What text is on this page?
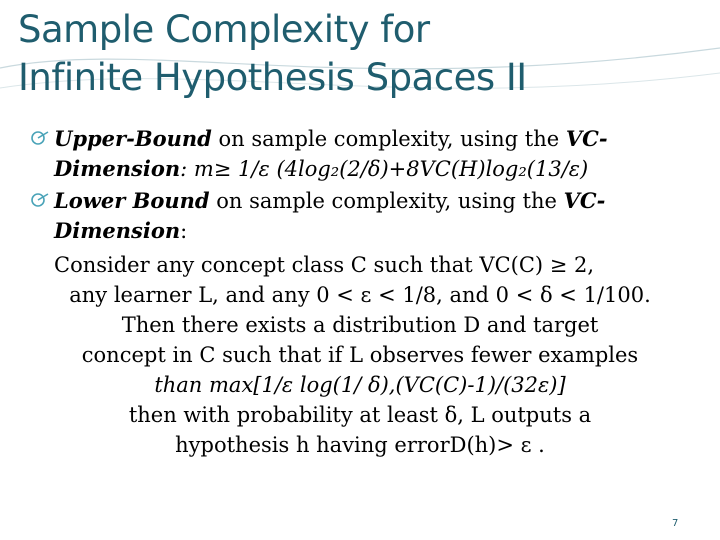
Sample Complexity for
Infinite Hypothesis Spaces II
Upper-Bound on sample complexity, using the VC-Dimension: m≥ 1/ε (4log₂(2/δ)+8VC(H)log₂(13/ε)
Lower Bound on sample complexity, using the VC-Dimension:
Consider any concept class C such that VC(C) ≥ 2,
any learner L, and any 0 < ε < 1/8, and 0 < δ < 1/100.
Then there exists a distribution D and target
concept in C such that if L observes fewer examples
than max[1/ε log(1/ δ),(VC(C)-1)/(32ε)]
then with probability at least δ, L outputs a
hypothesis h having errorD(h)> ε .
7
